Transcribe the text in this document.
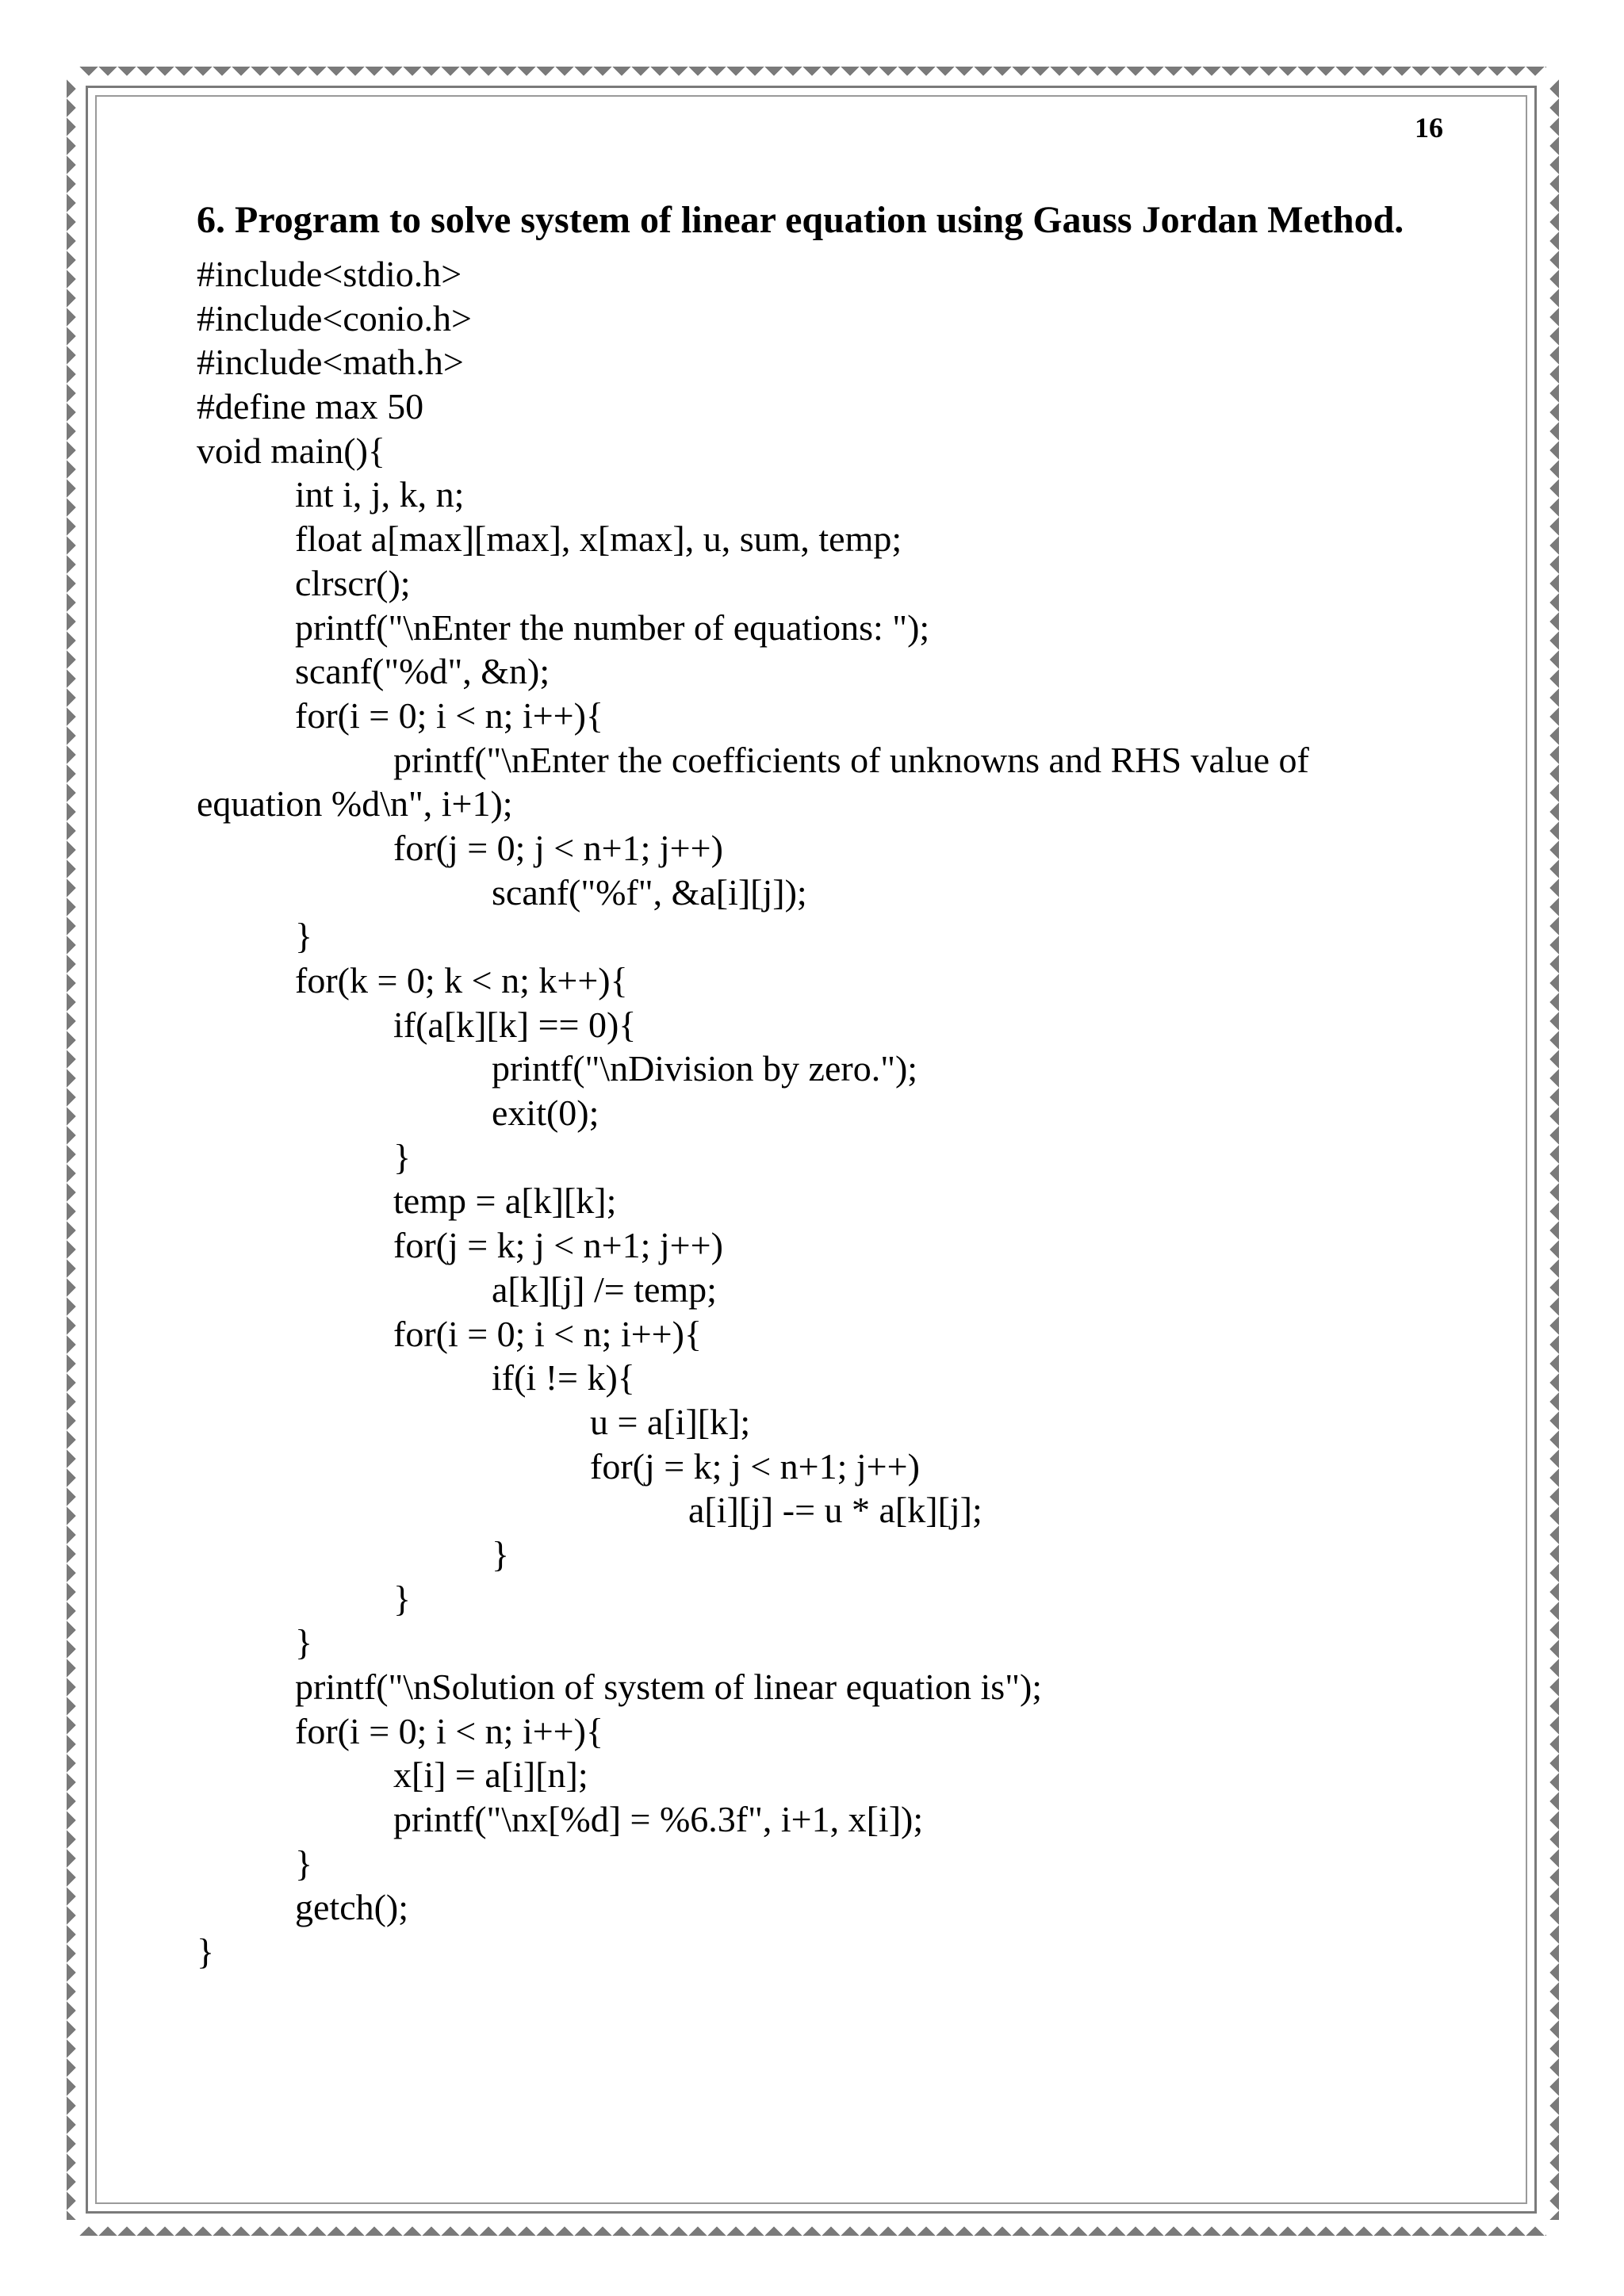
16
6. Program to solve system of linear equation using Gauss Jordan Method.
#include<stdio.h>
#include<conio.h>
#include<math.h>
#define max 50
void main(){
int i, j, k, n;
float a[max][max], x[max], u, sum, temp;
clrscr();
printf("\nEnter the number of equations: ");
scanf("%d", &n);
for(i = 0; i < n; i++){
printf("\nEnter the coefficients of unknowns and RHS value of
equation %d\n", i+1);
for(j = 0; j < n+1; j++)
scanf("%f", &a[i][j]);
}
for(k = 0; k < n; k++){
if(a[k][k] == 0){
printf("\nDivision by zero.");
exit(0);
}
temp = a[k][k];
for(j = k; j < n+1; j++)
a[k][j] /= temp;
for(i = 0; i < n; i++){
if(i != k){
u = a[i][k];
for(j = k; j < n+1; j++)
a[i][j] -= u * a[k][j];
}
}
}
printf("\nSolution of system of linear equation is");
for(i = 0; i < n; i++){
x[i] = a[i][n];
printf("\nx[%d] = %6.3f", i+1, x[i]);
}
getch();
}
